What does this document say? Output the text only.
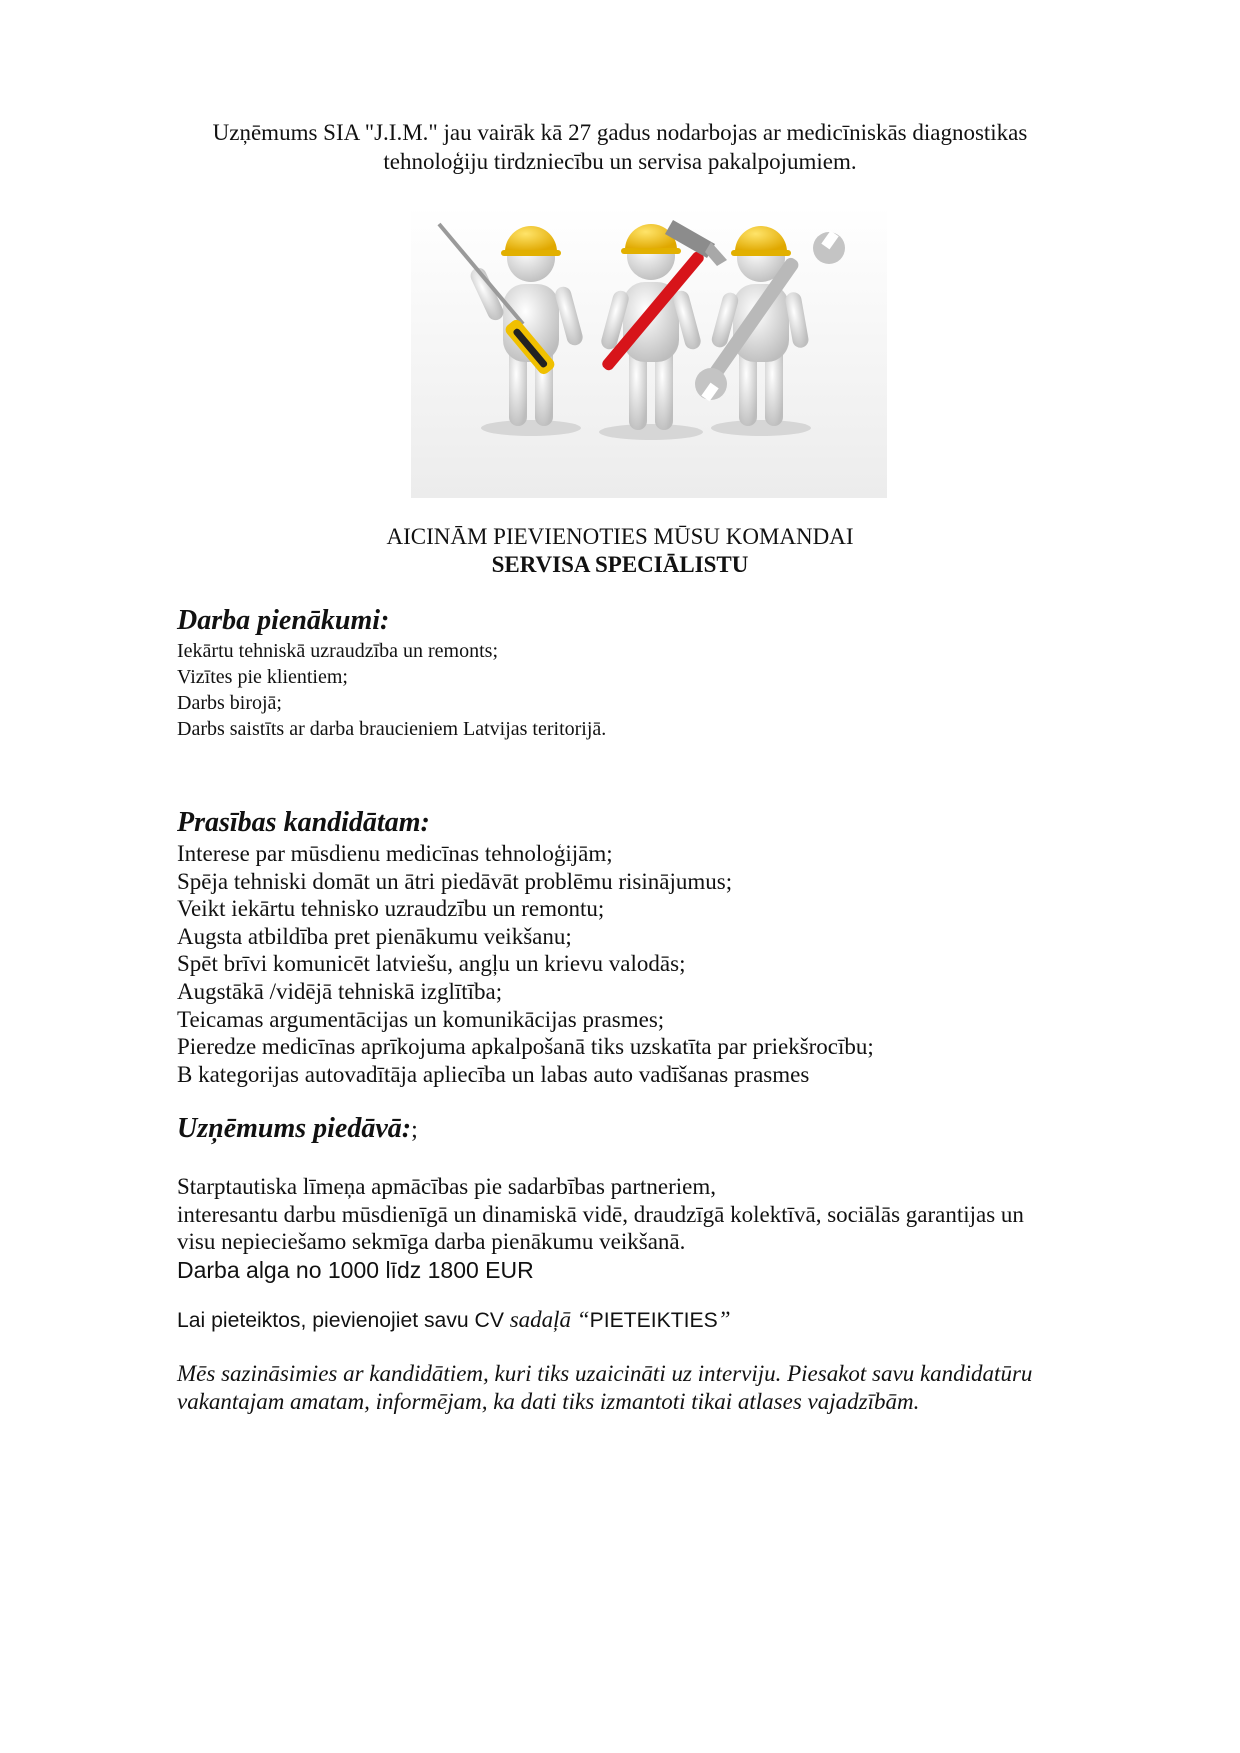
Uzņēmums SIA "J.I.M." jau vairāk kā 27 gadus nodarbojas ar medicīniskās diagnostikas
tehnoloģiju tirdzniecību un servisa pakalpojumiem.
AICINĀM PIEVIENOTIES MŪSU KOMANDAI
SERVISA SPECIĀLISTU
Darba pienākumi:
Iekārtu tehniskā uzraudzība un remonts;
Vizītes pie klientiem;
Darbs birojā;
Darbs saistīts ar darba braucieniem Latvijas teritorijā.
Prasības kandidātam:
Interese par mūsdienu medicīnas tehnoloģijām;
Spēja tehniski domāt un ātri piedāvāt problēmu risinājumus;
Veikt iekārtu tehnisko uzraudzību un remontu;
Augsta atbildība pret pienākumu veikšanu;
Spēt brīvi komunicēt latviešu, angļu un krievu valodās;
Augstākā /vidējā tehniskā izglītība;
Teicamas argumentācijas un komunikācijas prasmes;
Pieredze medicīnas aprīkojuma apkalpošanā tiks uzskatīta par priekšrocību;
B kategorijas autovadītāja apliecība un labas auto vadīšanas prasmes
Uzņēmums piedāvā:;
Starptautiska līmeņa apmācības pie sadarbības partneriem,
interesantu darbu mūsdienīgā un dinamiskā vidē, draudzīgā kolektīvā, sociālās garantijas un
visu nepieciešamo sekmīga darba pienākumu veikšanā.
Darba alga no 1000 līdz 1800 EUR
Lai pieteiktos, pievienojiet savu CV sadaļā “PIETEIKTIES”
Mēs sazināsimies ar kandidātiem, kuri tiks uzaicināti uz interviju. Piesakot savu kandidatūru
vakantajam amatam, informējam, ka dati tiks izmantoti tikai atlases vajadzībām.
